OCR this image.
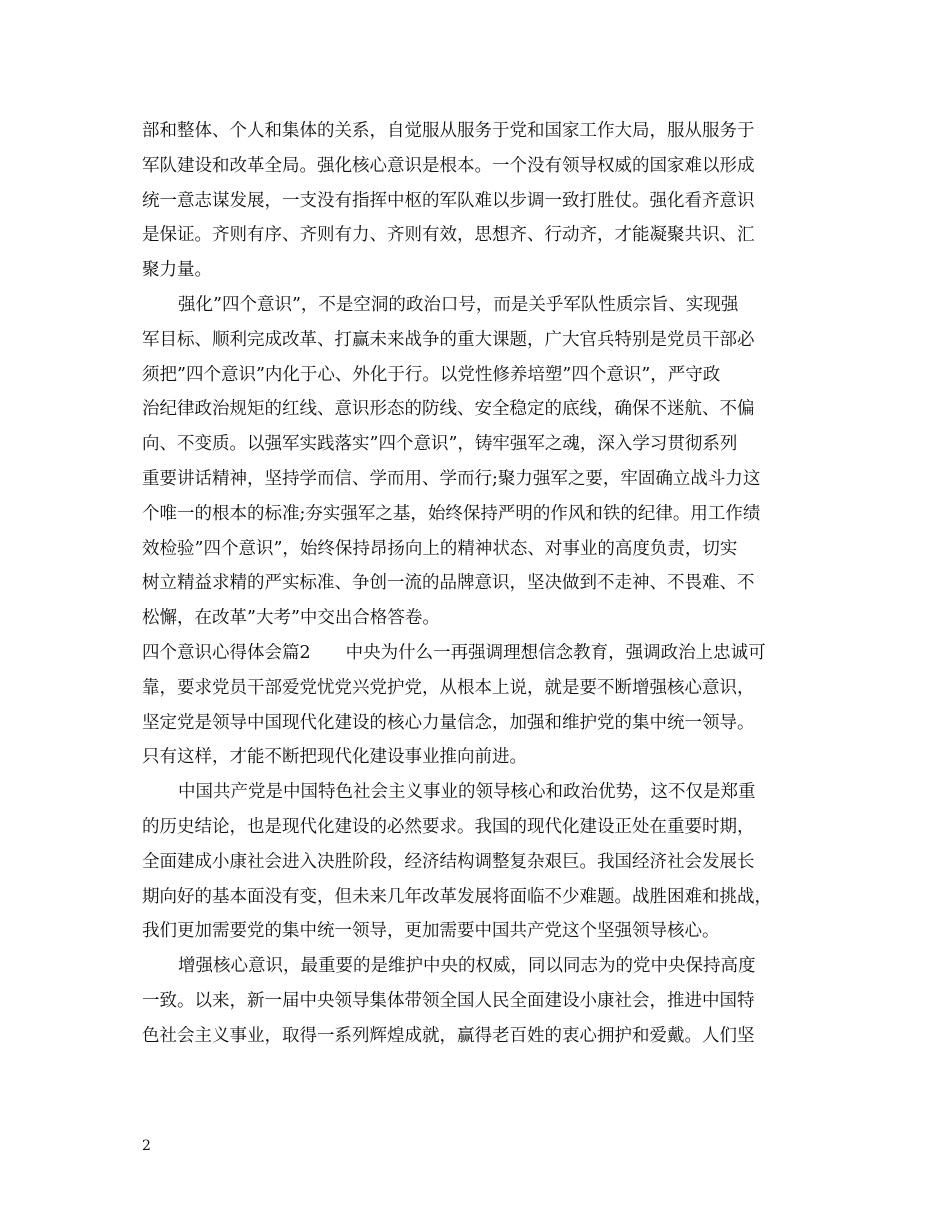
部和整体、个人和集体的关系，自觉服从服务于党和国家工作大局，服从服务于
军队建设和改革全局。强化核心意识是根本。一个没有领导权威的国家难以形成
统一意志谋发展，一支没有指挥中枢的军队难以步调一致打胜仗。强化看齐意识
是保证。齐则有序、齐则有力、齐则有效，思想齐、行动齐，才能凝聚共识、汇
聚力量。
强化”四个意识”，不是空洞的政治口号，而是关乎军队性质宗旨、实现强
军目标、顺利完成改革、打赢未来战争的重大课题，广大官兵特别是党员干部必
须把”四个意识”内化于心、外化于行。以党性修养培塑”四个意识”，严守政
治纪律政治规矩的红线、意识形态的防线、安全稳定的底线，确保不迷航、不偏
向、不变质。以强军实践落实”四个意识”，铸牢强军之魂，深入学习贯彻系列
重要讲话精神，坚持学而信、学而用、学而行;聚力强军之要，牢固确立战斗力这
个唯一的根本的标准;夯实强军之基，始终保持严明的作风和铁的纪律。用工作绩
效检验”四个意识”，始终保持昂扬向上的精神状态、对事业的高度负责，切实
树立精益求精的严实标准、争创一流的品牌意识，坚决做到不走神、不畏难、不
松懈，在改革”大考”中交出合格答卷。
四个意识心得体会篇2　　中央为什么一再强调理想信念教育，强调政治上忠诚可
靠，要求党员干部爱党忧党兴党护党，从根本上说，就是要不断增强核心意识，
坚定党是领导中国现代化建设的核心力量信念，加强和维护党的集中统一领导。
只有这样，才能不断把现代化建设事业推向前进。
中国共产党是中国特色社会主义事业的领导核心和政治优势，这不仅是郑重
的历史结论，也是现代化建设的必然要求。我国的现代化建设正处在重要时期，
全面建成小康社会进入决胜阶段，经济结构调整复杂艰巨。我国经济社会发展长
期向好的基本面没有变，但未来几年改革发展将面临不少难题。战胜困难和挑战，
我们更加需要党的集中统一领导，更加需要中国共产党这个坚强领导核心。
增强核心意识，最重要的是维护中央的权威，同以同志为的党中央保持高度
一致。以来，新一届中央领导集体带领全国人民全面建设小康社会，推进中国特
色社会主义事业，取得一系列辉煌成就，赢得老百姓的衷心拥护和爱戴。人们坚
2
